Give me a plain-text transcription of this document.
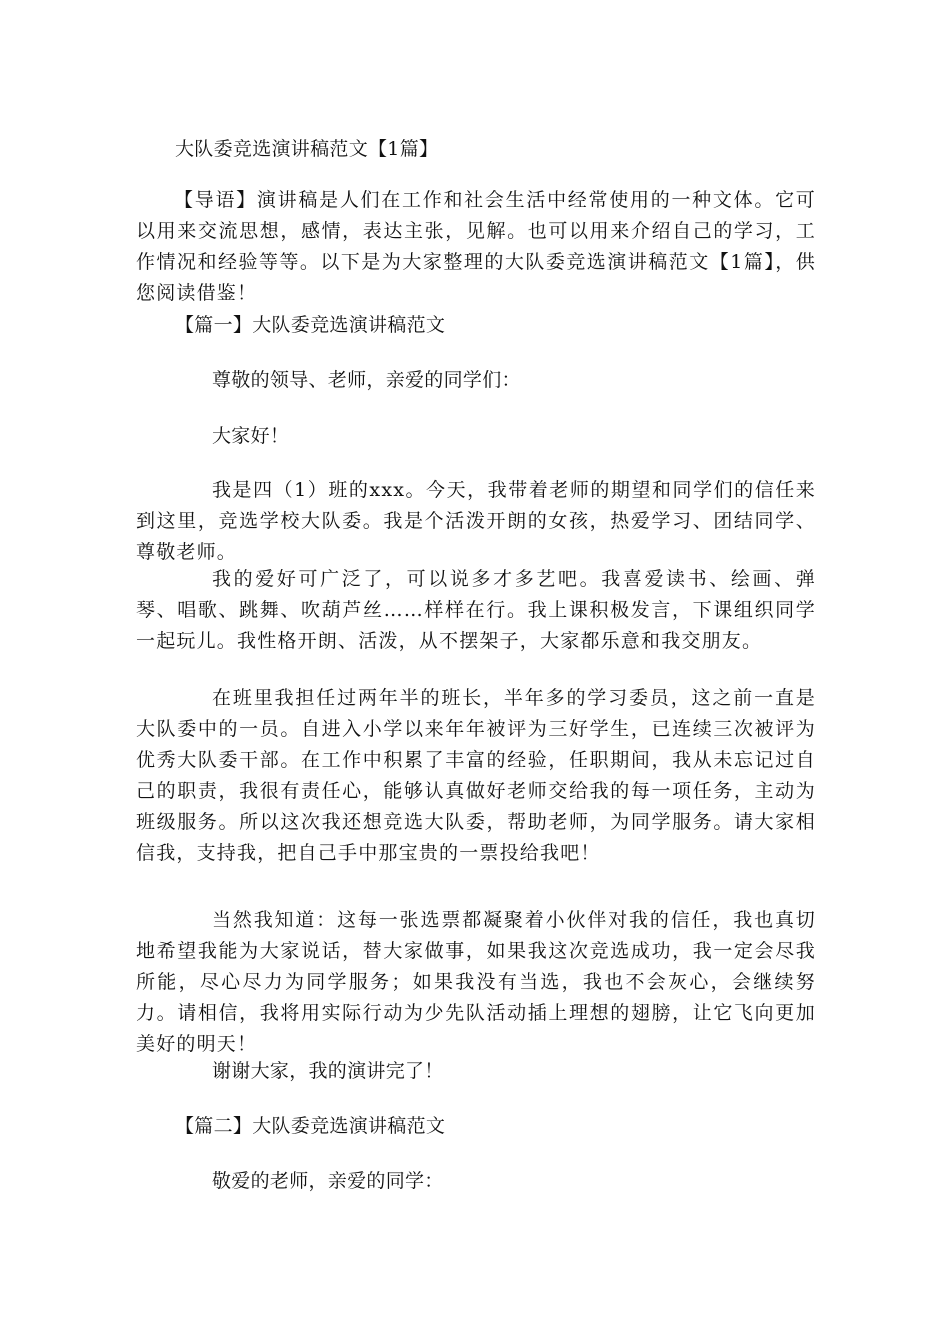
大队委竞选演讲稿范文【1篇】
【导语】演讲稿是人们在工作和社会生活中经常使用的一种文体。它可以用来交流思想，感情，表达主张，见解。也可以用来介绍自己的学习，工作情况和经验等等。以下是为大家整理的大队委竞选演讲稿范文【1篇】，供您阅读借鉴！
【篇一】大队委竞选演讲稿范文
尊敬的领导、老师，亲爱的同学们：
大家好！
我是四（1）班的xxx。今天，我带着老师的期望和同学们的信任来到这里，竞选学校大队委。我是个活泼开朗的女孩，热爱学习、团结同学、尊敬老师。
我的爱好可广泛了，可以说多才多艺吧。我喜爱读书、绘画、弹琴、唱歌、跳舞、吹葫芦丝……样样在行。我上课积极发言，下课组织同学一起玩儿。我性格开朗、活泼，从不摆架子，大家都乐意和我交朋友。
在班里我担任过两年半的班长，半年多的学习委员，这之前一直是大队委中的一员。自进入小学以来年年被评为三好学生，已连续三次被评为优秀大队委干部。在工作中积累了丰富的经验，任职期间，我从未忘记过自己的职责，我很有责任心，能够认真做好老师交给我的每一项任务，主动为班级服务。所以这次我还想竞选大队委，帮助老师，为同学服务。请大家相信我，支持我，把自己手中那宝贵的一票投给我吧！
当然我知道：这每一张选票都凝聚着小伙伴对我的信任，我也真切地希望我能为大家说话，替大家做事，如果我这次竞选成功，我一定会尽我所能，尽心尽力为同学服务；如果我没有当选，我也不会灰心，会继续努力。请相信，我将用实际行动为少先队活动插上理想的翅膀，让它飞向更加美好的明天！
谢谢大家，我的演讲完了！
【篇二】大队委竞选演讲稿范文
敬爱的老师，亲爱的同学：
